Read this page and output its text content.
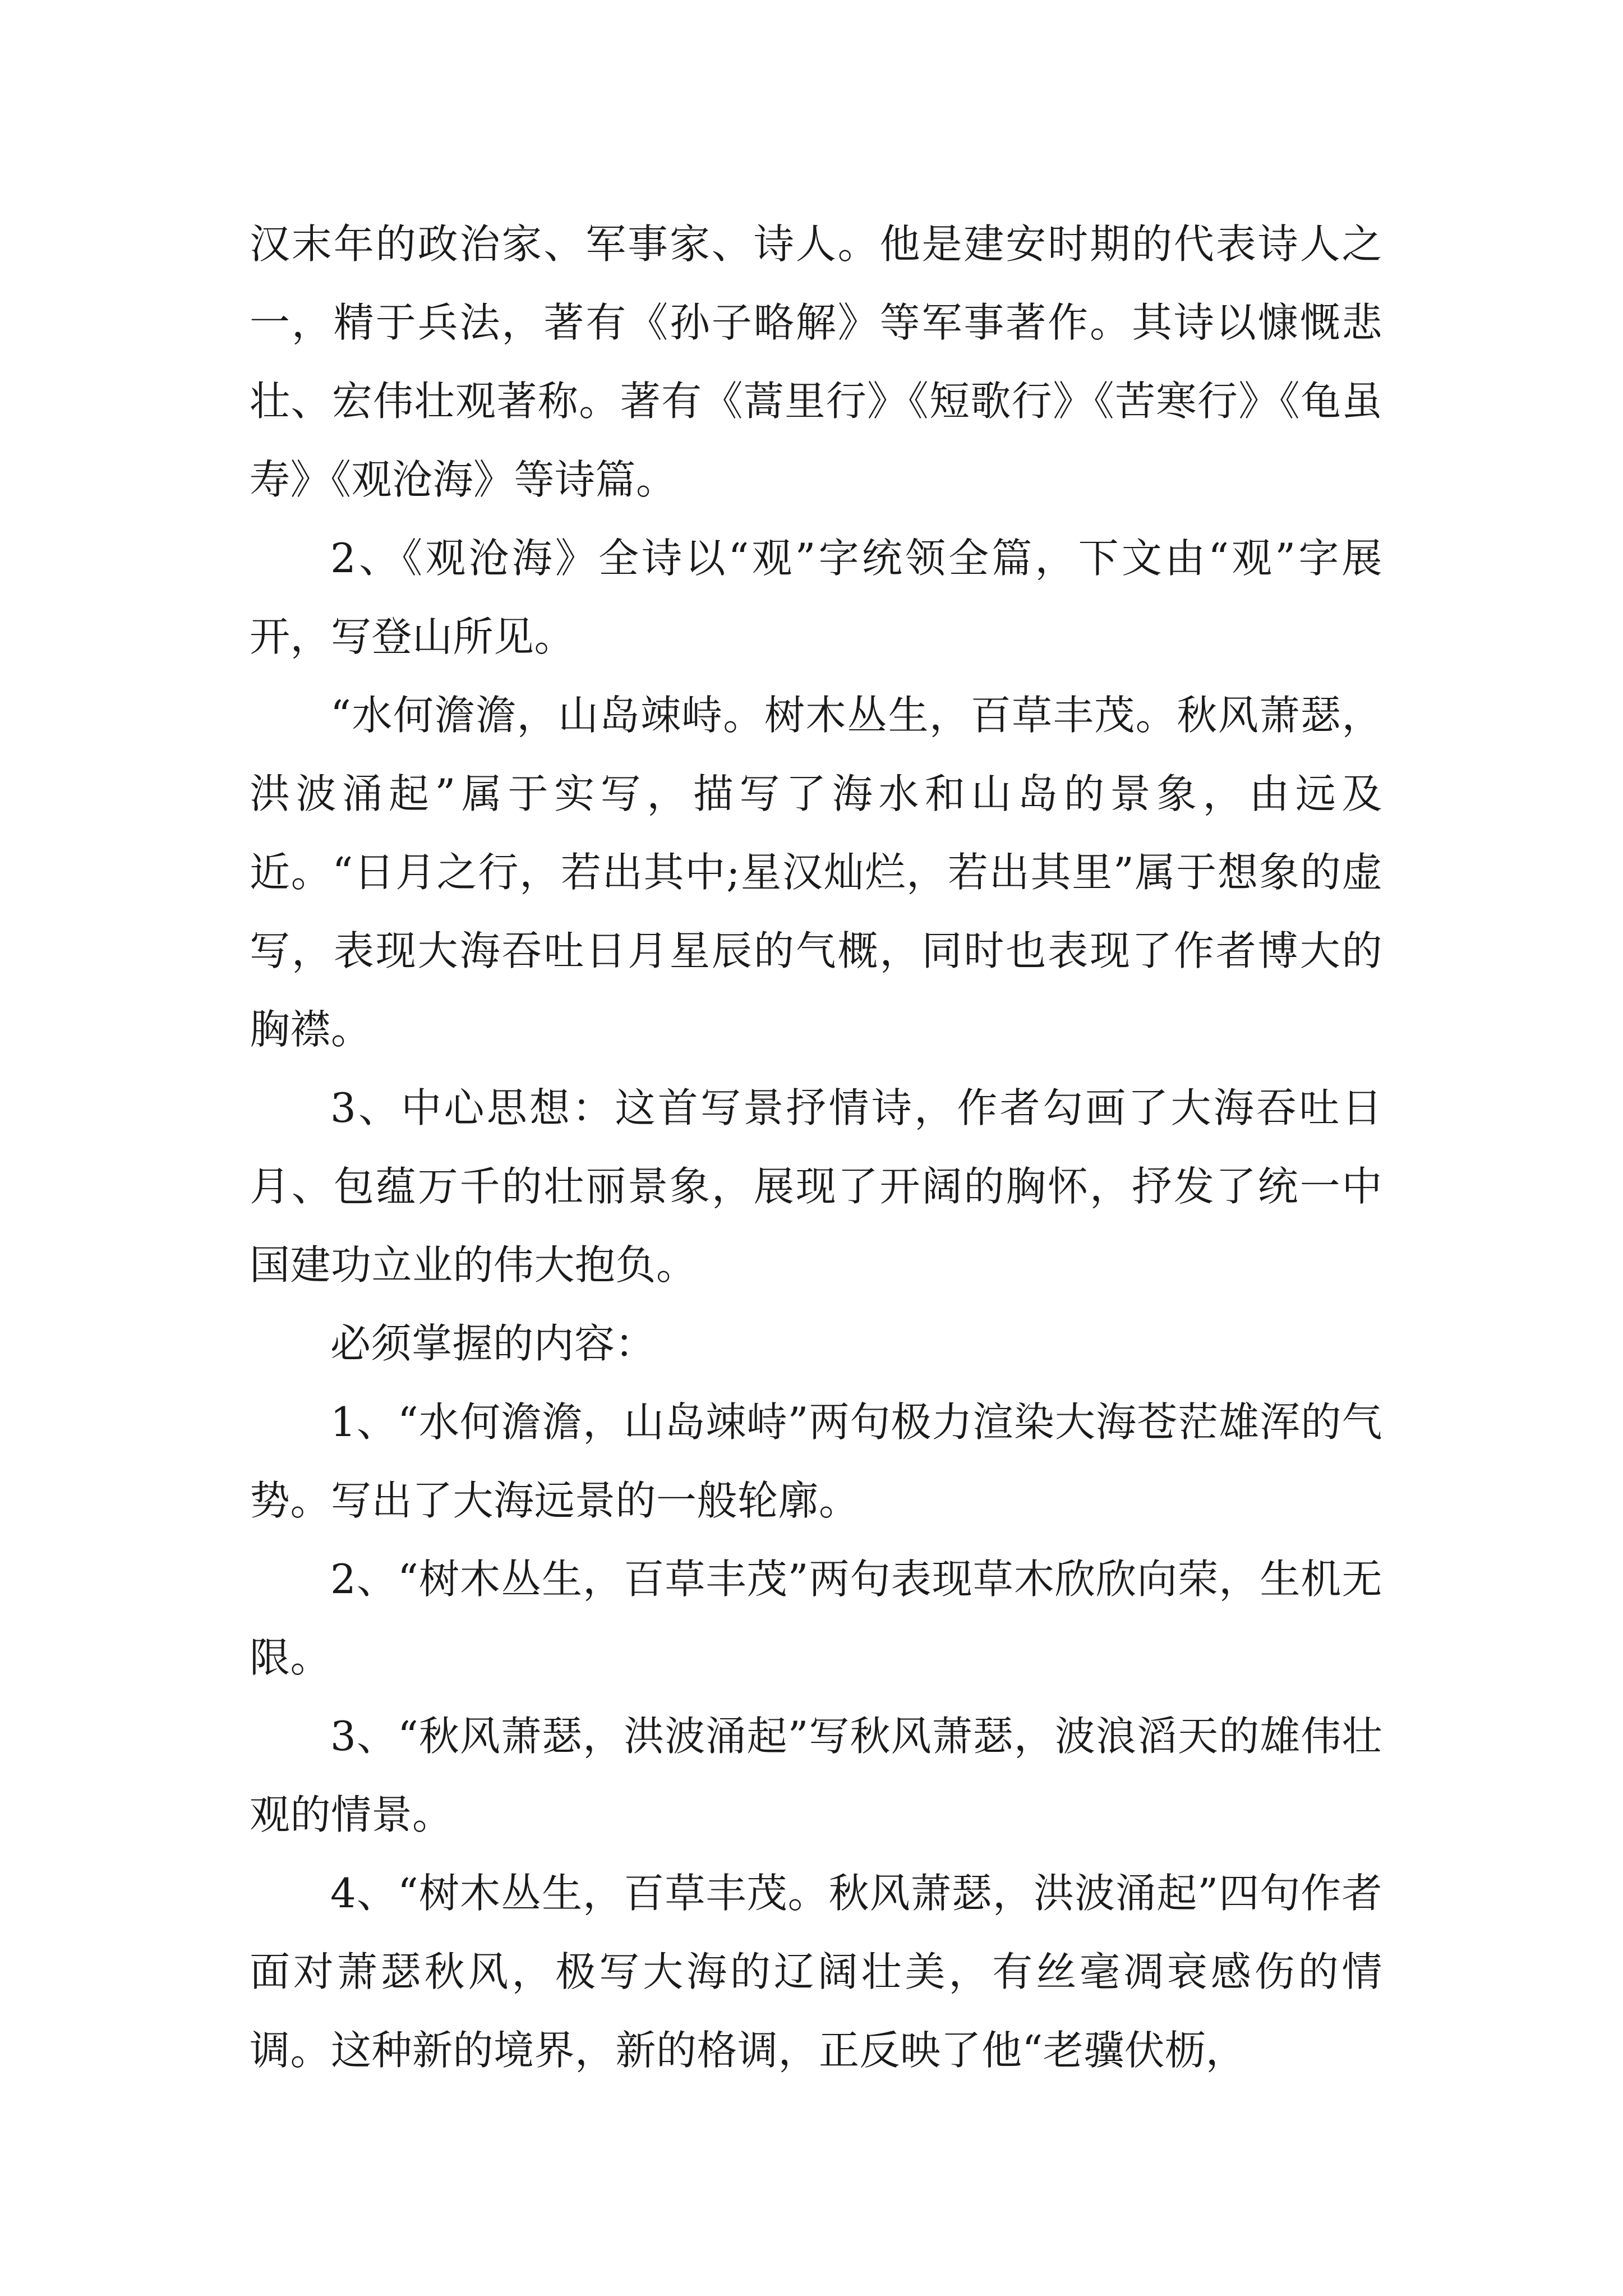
汉末年的政治家、军事家、诗人。他是建安时期的代表诗人之一，精于兵法，著有《孙子略解》等军事著作。其诗以慷慨悲壮、宏伟壮观著称。著有《蒿里行》《短歌行》《苦寒行》《龟虽寿》《观沧海》等诗篇。

2、《观沧海》全诗以“观”字统领全篇，下文由“观”字展开，写登山所见。

“水何澹澹，山岛竦峙。树木丛生，百草丰茂。秋风萧瑟，洪波涌起”属于实写，描写了海水和山岛的景象，由远及近。“日月之行，若出其中;星汉灿烂，若出其里”属于想象的虚写，表现大海吞吐日月星辰的气概，同时也表现了作者博大的胸襟。

3、中心思想：这首写景抒情诗，作者勾画了大海吞吐日月、包蕴万千的壮丽景象，展现了开阔的胸怀，抒发了统一中国建功立业的伟大抱负。

必须掌握的内容：

1、“水何澹澹，山岛竦峙”两句极力渲染大海苍茫雄浑的气势。写出了大海远景的一般轮廓。

2、“树木丛生，百草丰茂”两句表现草木欣欣向荣，生机无限。

3、“秋风萧瑟，洪波涌起”写秋风萧瑟，波浪滔天的雄伟壮观的情景。

4、“树木丛生，百草丰茂。秋风萧瑟，洪波涌起”四句作者面对萧瑟秋风，极写大海的辽阔壮美，有丝毫凋衰感伤的情调。这种新的境界，新的格调，正反映了他“老骥伏枥，
